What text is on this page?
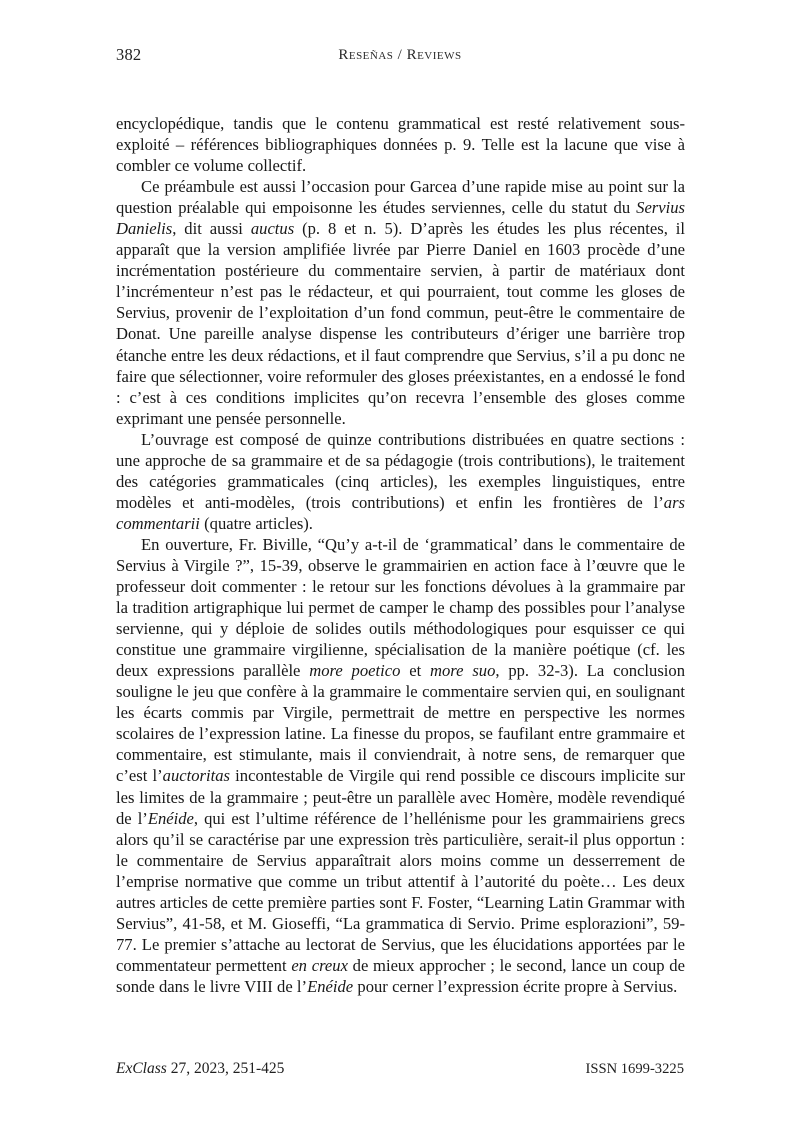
382	Reseñas / Reviews

encyclopédique, tandis que le contenu grammatical est resté relativement sous-exploité – références bibliographiques données p. 9. Telle est la lacune que vise à combler ce volume collectif.

Ce préambule est aussi l’occasion pour Garcea d’une rapide mise au point sur la question préalable qui empoisonne les études serviennes, celle du statut du Servius Danielis, dit aussi auctus (p. 8 et n. 5). D’après les études les plus récentes, il apparaît que la version amplifiée livrée par Pierre Daniel en 1603 procède d’une incrémentation postérieure du commentaire servien, à partir de matériaux dont l’incrémenteur n’est pas le rédacteur, et qui pourraient, tout comme les gloses de Servius, provenir de l’exploitation d’un fond commun, peut-être le commentaire de Donat. Une pareille analyse dispense les contributeurs d’ériger une barrière trop étanche entre les deux rédactions, et il faut comprendre que Servius, s’il a pu donc ne faire que sélectionner, voire reformuler des gloses préexistantes, en a endossé le fond : c’est à ces conditions implicites qu’on recevra l’ensemble des gloses comme exprimant une pensée personnelle.

L’ouvrage est composé de quinze contributions distribuées en quatre sections : une approche de sa grammaire et de sa pédagogie (trois contributions), le traitement des catégories grammaticales (cinq articles), les exemples linguistiques, entre modèles et anti-modèles, (trois contributions) et enfin les frontières de l’ars commentarii (quatre articles).

En ouverture, Fr. Biville, “Qu’y a-t-il de ‘grammatical’ dans le commentaire de Servius à Virgile ?”, 15-39, observe le grammairien en action face à l’œuvre que le professeur doit commenter : le retour sur les fonctions dévolues à la grammaire par la tradition artigraphique lui permet de camper le champ des possibles pour l’analyse servienne, qui y déploie de solides outils méthodologiques pour esquisser ce qui constitue une grammaire virgilienne, spécialisation de la manière poétique (cf. les deux expressions parallèle more poetico et more suo, pp. 32-3). La conclusion souligne le jeu que confère à la grammaire le commentaire servien qui, en soulignant les écarts commis par Virgile, permettrait de mettre en perspective les normes scolaires de l’expression latine. La finesse du propos, se faufilant entre grammaire et commentaire, est stimulante, mais il conviendrait, à notre sens, de remarquer que c’est l’auctoritas incontestable de Virgile qui rend possible ce discours implicite sur les limites de la grammaire ; peut-être un parallèle avec Homère, modèle revendiqué de l’Enéide, qui est l’ultime référence de l’hellénisme pour les grammairiens grecs alors qu’il se caractérise par une expression très particulière, serait-il plus opportun : le commentaire de Servius apparaîtrait alors moins comme un desserrement de l’emprise normative que comme un tribut attentif à l’autorité du poète… Les deux autres articles de cette première parties sont F. Foster, “Learning Latin Grammar with Servius”, 41-58, et M. Gioseffi, “La grammatica di Servio. Prime esplorazioni”, 59-77. Le premier s’attache au lectorat de Servius, que les élucidations apportées par le commentateur permettent en creux de mieux approcher ; le second, lance un coup de sonde dans le livre VIII de l’Enéide pour cerner l’expression écrite propre à Servius.

ExClass 27, 2023, 251-425	ISSN 1699-3225
